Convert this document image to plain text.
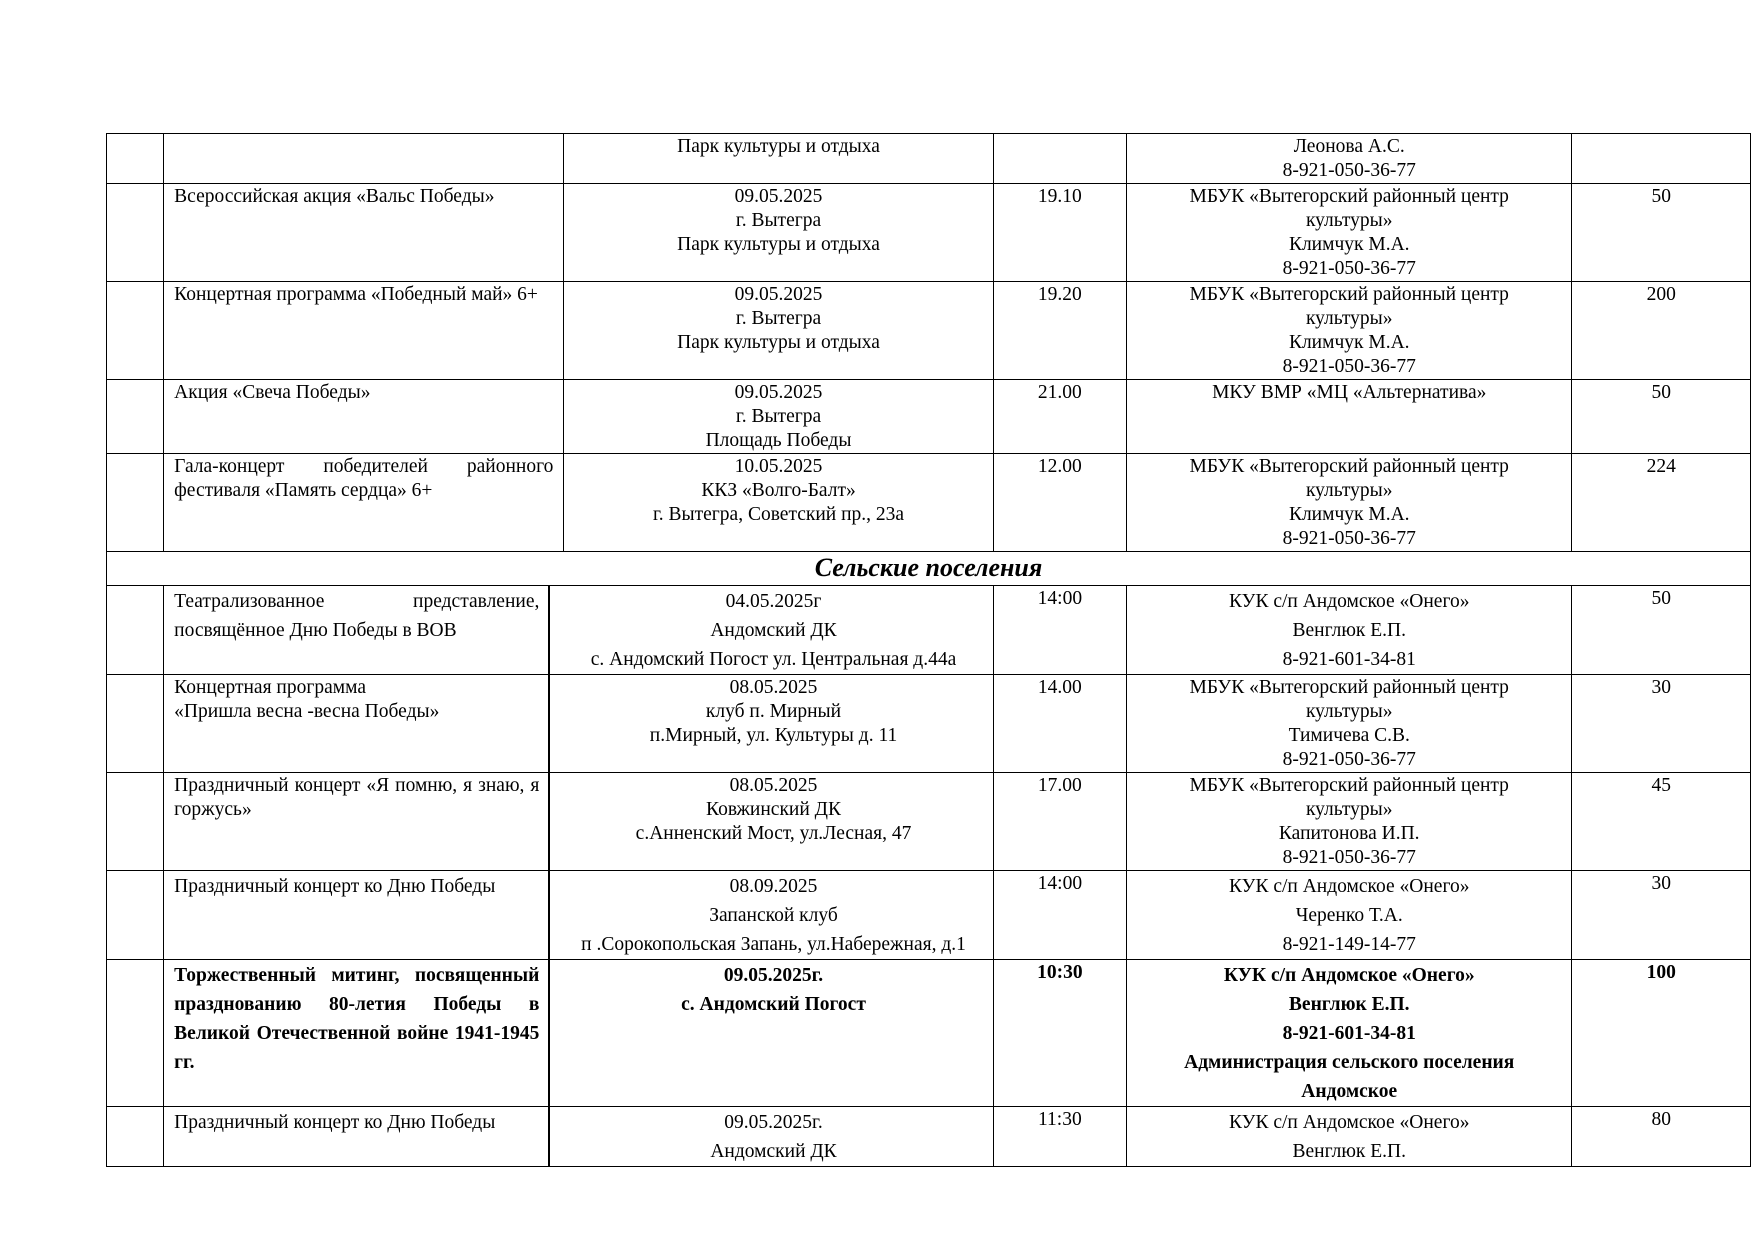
		Парк культуры и отдыха		Леонова А.С.
8-921-050-36-77	

	Всероссийская акция «Вальс Победы»	09.05.2025
г. Вытегра
Парк культуры и отдыха	19.10	МБУК «Вытегорский районный центр
культуры»
Климчук М.А.
8-921-050-36-77	50

	Концертная программа «Победный май» 6+	09.05.2025
г. Вытегра
Парк культуры и отдыха	19.20	МБУК «Вытегорский районный центр
культуры»
Климчук М.А.
8-921-050-36-77	200

	Акция «Свеча Победы»	09.05.2025
г. Вытегра
Площадь Победы	21.00	МКУ ВМР «МЦ «Альтернатива»	50

	Гала-концерт победителей районного фестиваля «Память сердца» 6+	10.05.2025
ККЗ «Волго-Балт»
г. Вытегра, Советский пр., 23а	12.00	МБУК «Вытегорский районный центр
культуры»
Климчук М.А.
8-921-050-36-77	224
Сельские поселения					

	Театрализованное представление, посвящённое Дню Победы в ВОВ	04.05.2025г
Андомский ДК
с. Андомский Погост ул. Центральная д.44а	14:00	КУК с/п Андомское «Онего»
Венглюк Е.П.
8-921-601-34-81	50

	Концертная программа
«Пришла весна -весна Победы»	08.05.2025
клуб п. Мирный
п.Мирный, ул. Культуры д. 11	14.00	МБУК «Вытегорский районный центр
культуры»
Тимичева С.В.
8-921-050-36-77	30

	Праздничный концерт «Я помню, я знаю, я горжусь»	08.05.2025
Ковжинский ДК
с.Анненский Мост, ул.Лесная, 47	17.00	МБУК «Вытегорский районный центр
культуры»
Капитонова И.П.
8-921-050-36-77	45

	Праздничный концерт ко Дню Победы	08.09.2025
Запанской клуб
п .Сорокопольская Запань, ул.Набережная, д.1	14:00	КУК с/п Андомское «Онего»
Черенко Т.А.
8-921-149-14-77	30

	Торжественный митинг, посвященный празднованию 80-летия Победы в Великой Отечественной войне 1941-1945 гг.	09.05.2025г.
с. Андомский Погост	10:30	КУК с/п Андомское «Онего»
Венглюк Е.П.
8-921-601-34-81
Администрация сельского поселения
Андомское	100

	Праздничный концерт ко Дню Победы	09.05.2025г.
Андомский ДК	11:30	КУК с/п Андомское «Онего»
Венглюк Е.П.	80
